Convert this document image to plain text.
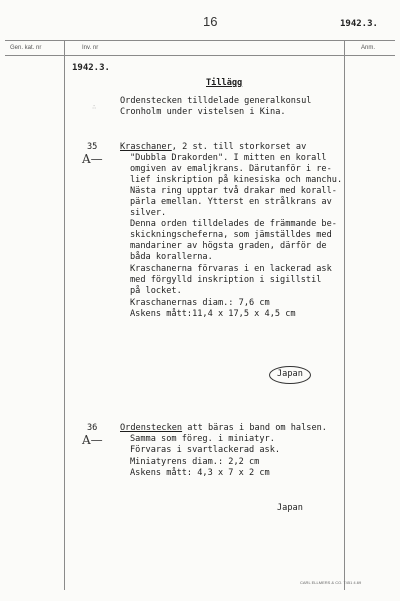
16	1942.3.
Gen. kat. nr	Inv. nr	Anm.
1942.3.
∴
Tillägg
Ordenstecken tilldelade generalkonsul
Cronholm under vistelsen i Kina.
35
A—
Kraschaner, 2 st. till storkorset av
"Dubbla Drakorden". I mitten en korall
omgiven av emaljkrans. Därutanför i re-
lief inskription på kinesiska och manchu.
Nästa ring upptar två drakar med korall-
pärla emellan. Ytterst en strålkrans av
silver.
Denna orden tilldelades de främmande be-
skickningscheferna, som jämställdes med
mandariner av högsta graden, därför de
båda korallerna.
Kraschanerna förvaras i en lackerad ask
med förgylld inskription i sigillstil
på locket.
Kraschanernas diam.: 7,6 cm
Askens mått:11,4 x 17,5 x 4,5 cm
Japan
36
A—
Ordenstecken att bäras i band om halsen.
Samma som föreg. i miniatyr.
Förvaras i svartlackerad ask.
Miniatyrens diam.: 2,2 cm
Askens mått: 4,3 x 7 x 2 cm
Japan
CARL ELLMERS & CO. 7451 4.69
